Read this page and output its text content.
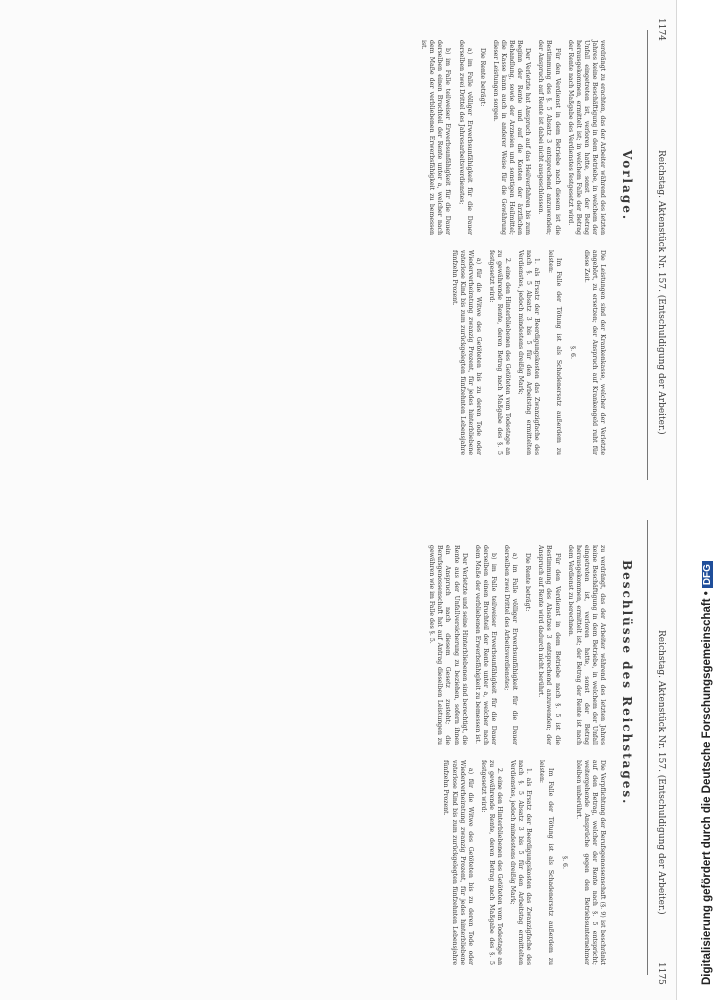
1174
Reichstag. Aktenstück Nr. 157. (Entschuldigung der Arbeiter.)
Vorlage.

verdrängt zu erachten, das der Arbeiter während des letzten Jahres keine Beschäftigung in dem Betriebe, in welchem der Unfall eingetreten ist, verloren hatte, sonst der Betrag herausgekommen, ermittelt ist; in welchem Falle der Betrag der Rente nach Maßgabe des Verdienstes festgesetzt wird.

Für den Verdienst in dem Betriebe nach diesem ist die Bestimmung des §. 5 Absatz 3 entsprechend anzuwenden; der Anspruch auf Rente ist dabei nicht ausgeschlossen.

Der Verletzte hat Anspruch auf das Heilverfahren bis zum Beginn der Rente und auf die Kosten der ärztlichen Behandlung, sowie der Arzneien und sonstigen Heilmittel; die Kasse kann auch in anderer Weise für die Gewährung dieser Leistungen sorgen.

Die Rente beträgt:

a) im Falle völliger Erwerbsunfähigkeit für die Dauer derselben zwei Drittel des Jahresarbeitsverdienstes;

b) im Falle teilweiser Erwerbsunfähigkeit für die Dauer derselben einen Bruchteil der Rente unter a, welcher nach dem Maße der verbliebenen Erwerbsfähigkeit zu bemessen ist.

Die Leistungen sind der Krankenkasse, welcher der Verletzte angehört, zu ersetzen; der Anspruch auf Krankengeld ruht für diese Zeit.

§. 6.

Im Falle der Tötung ist als Schadenersatz außerdem zu leisten:

1. als Ersatz der Beerdigungskosten das Zwanzigfache des nach §. 5 Absatz 3 bis 5 für den Arbeitstag ermittelten Verdienstes, jedoch mindestens dreißig Mark;

2. eine den Hinterbliebenen des Getöteten vom Todestage an zu gewährende Rente, deren Betrag nach Maßgabe des §. 5 festgesetzt wird:

a) für die Witwe des Getöteten bis zu deren Tode oder Wiederverheiratung zwanzig Prozent, für jedes hinterbliebene vaterlose Kind bis zum zurückgelegten fünfzehnten Lebensjahre fünfzehn Prozent.

Reichstag. Aktenstück Nr. 157. (Entschuldigung der Arbeiter.)
1175
Beschlüsse des Reichstages.

zu verdrängt, das der Arbeiter während des letzten Jahres keine Beschäftigung in dem Betriebe, in welchem der Unfall eingetreten ist, verloren hatte, sonst der Betrag herausgekommen, ermittelt ist; der Betrag der Rente ist nach dem Verdienst zu berechnen.

Für den Verdienst in dem Betriebe nach §. 5 ist die Bestimmung des Absatzes 3 entsprechend anzuwenden; der Anspruch auf Rente wird dadurch nicht berührt.

Die Rente beträgt:

a) im Falle völliger Erwerbsunfähigkeit für die Dauer derselben zwei Drittel des Arbeitsverdienstes;

b) im Falle teilweiser Erwerbsunfähigkeit für die Dauer derselben einen Bruchteil der Rente unter a, welcher nach dem Maße der verbliebenen Erwerbsfähigkeit zu bemessen ist.

Der Verletzte und seine Hinterbliebenen sind berechtigt, die Rente aus der Unfallversicherung zu beziehen, sofern ihnen ein Anspruch nach diesem Gesetz zusteht; die Berufsgenossenschaft hat auf Antrag dieselben Leistungen zu gewähren wie im Falle des §. 5.

Die Verpflichtung der Berufsgenossenschaft (§. 9) ist beschränkt auf den Betrag, welcher der Rente nach §. 5 entspricht; weitergehende Ansprüche gegen den Betriebsunternehmer bleiben unberührt.

§. 6.

Im Falle der Tötung ist als Schadenersatz außerdem zu leisten:

1. als Ersatz der Beerdigungskosten das Zwanzigfache des nach §. 5 Absatz 3 bis 5 für den Arbeitstag ermittelten Verdienstes, jedoch mindestens dreißig Mark;

2. eine den Hinterbliebenen des Getöteten vom Todestage an zu gewährende Rente, deren Betrag nach Maßgabe des §. 5 festgesetzt wird:

a) für die Witwe des Getöteten bis zu deren Tode oder Wiederverheiratung zwanzig Prozent, für jedes hinterbliebene vaterlose Kind bis zum zurückgelegten fünfzehnten Lebensjahre fünfzehn Prozent.	Digitalisierung gefördert durch die Deutsche Forschungsgemeinschaft •DFG
